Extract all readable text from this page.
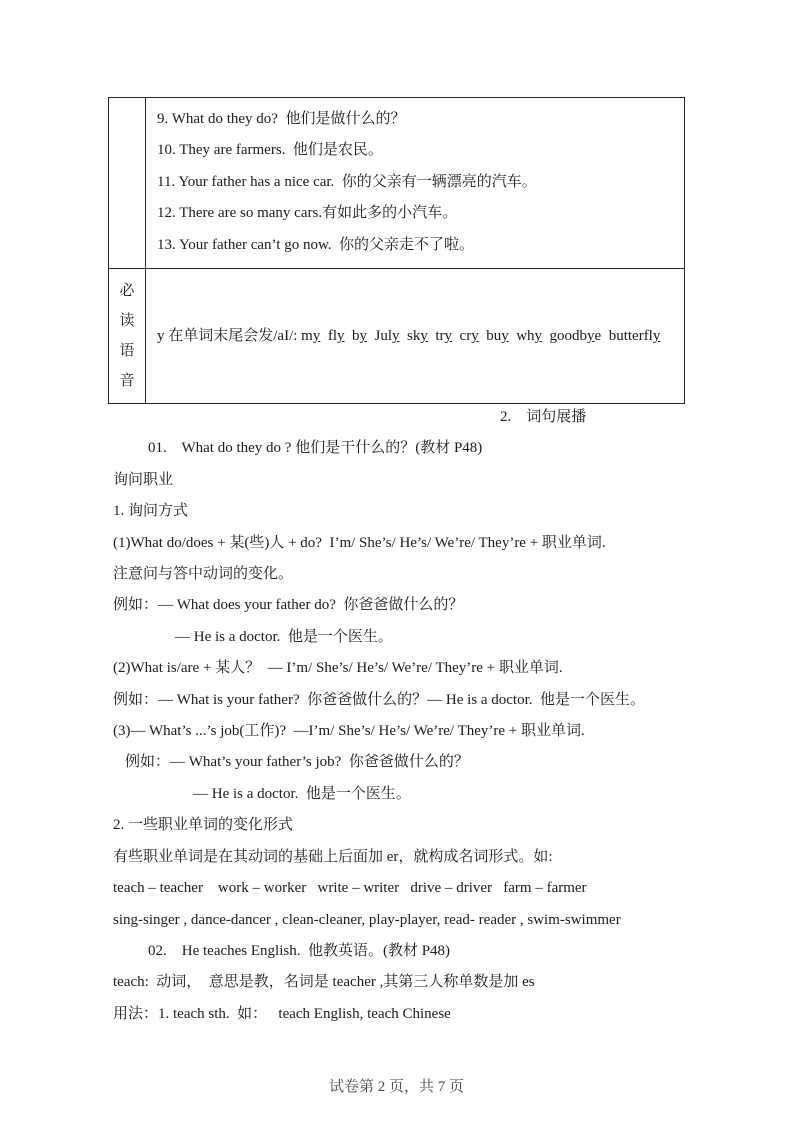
	9. What do they do?  他们是做什么的？
10. They are farmers.  他们是农民。
11. Your father has a nice car.  你的父亲有一辆漂亮的汽车。
12. There are so many cars.有如此多的小汽车。
13. Your father can’t go now.  你的父亲走不了啦。

必
读
语
音	y 在单词末尾会发/aI/: my fly by July sky try cry buy why goodbye butterfly

2.    词句展播

01.    What do they do ? 他们是干什么的？(教材 P48)

询问职业

1. 询问方式

(1)What do/does + 某(些)人 + do?  I’m/ She’s/ He’s/ We’re/ They’re + 职业单词.

注意问与答中动词的变化。

例如：— What does your father do?  你爸爸做什么的？

— He is a doctor.  他是一个医生。

(2)What is/are + 某人？  — I’m/ She’s/ He’s/ We’re/ They’re + 职业单词.

例如：— What is your father?  你爸爸做什么的？— He is a doctor.  他是一个医生。

(3)— What’s ...’s job(工作)?  —I’m/ She’s/ He’s/ We’re/ They’re + 职业单词.

例如：— What’s your father’s job?  你爸爸做什么的？

— He is a doctor.  他是一个医生。

2. 一些职业单词的变化形式

有些职业单词是在其动词的基础上后面加 er，就构成名词形式。如:

teach – teacher    work – worker   write – writer   drive – driver   farm – farmer

sing-singer , dance-dancer , clean-cleaner, play-player, read- reader , swim-swimmer

02.    He teaches English.  他教英语。(教材 P48)

teach:  动词，  意思是教，名词是 teacher ,其第三人称单数是加 es

用法：1. teach sth.  如：   teach English, teach Chinese

试卷第 2 页，共 7 页
